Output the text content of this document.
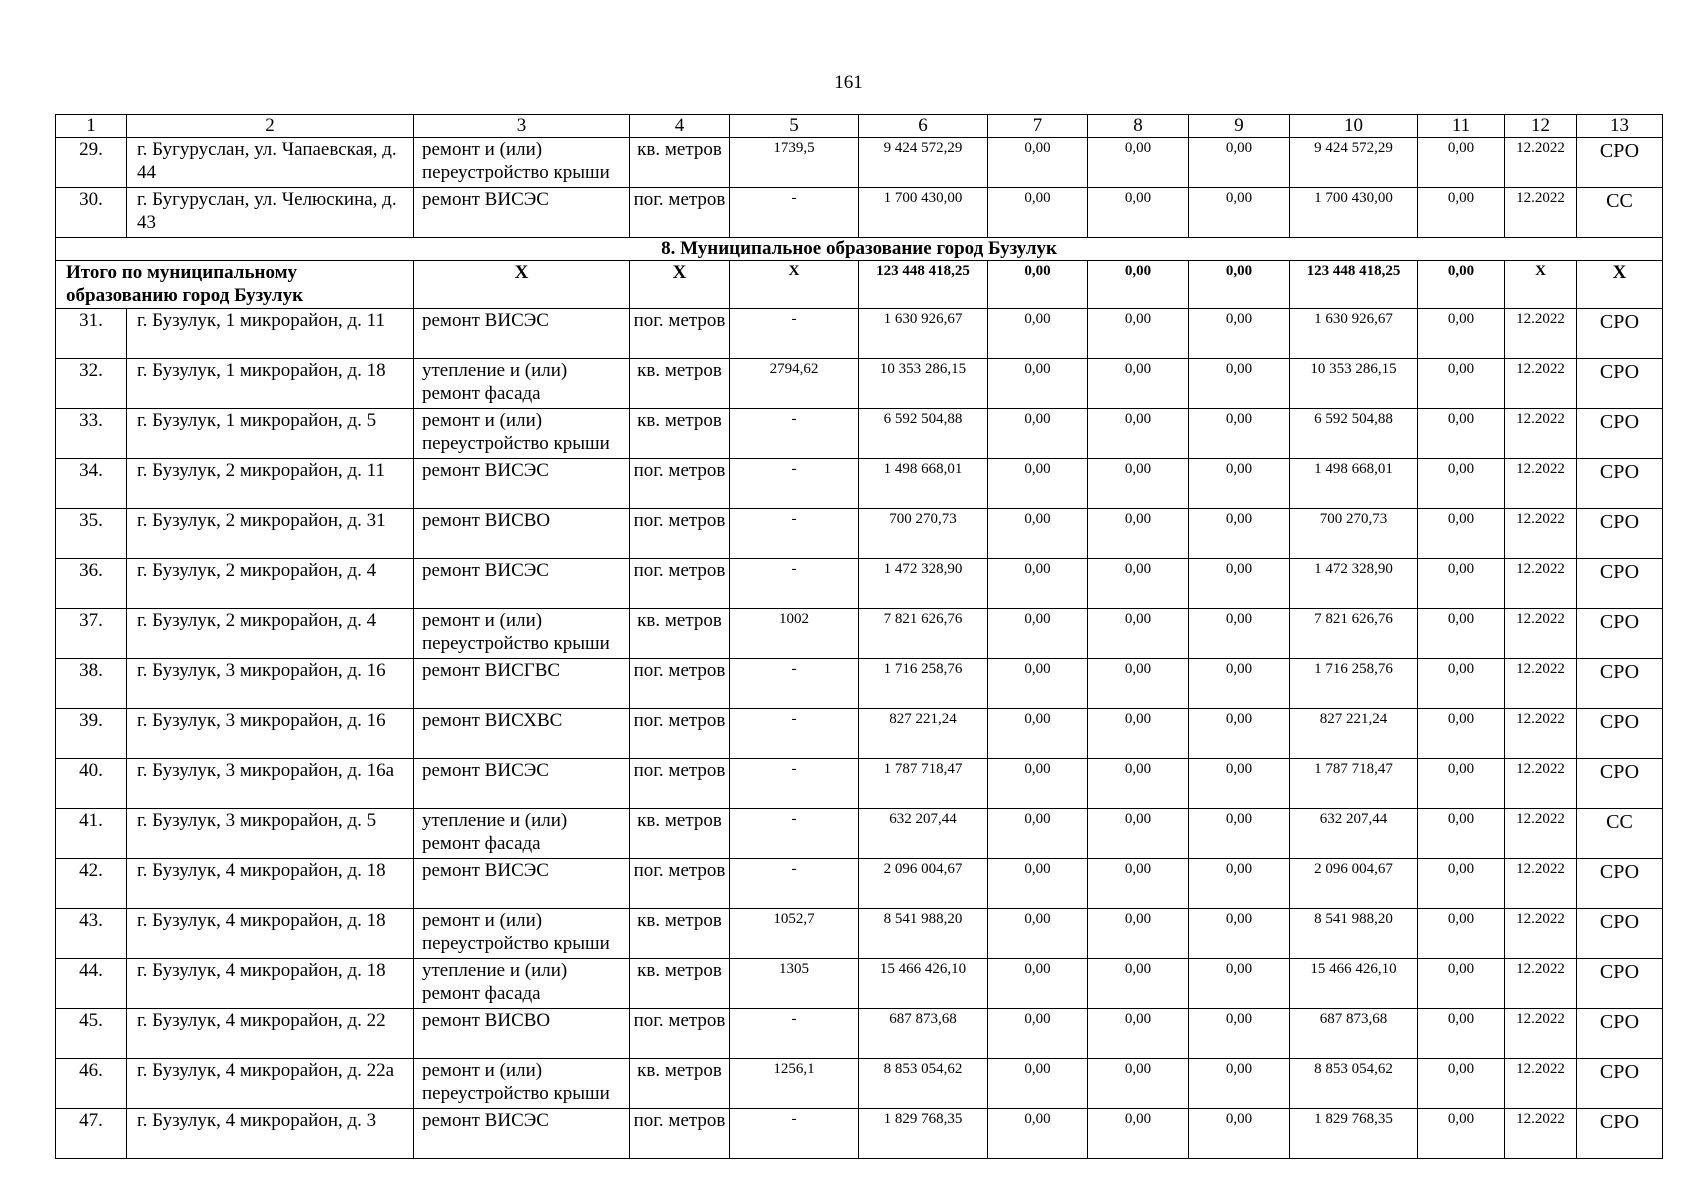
161
1	2	3	4	5	6	7	8	9	10	11	12	13
29.	г. Бугуруслан, ул. Чапаевская, д. 44	ремонт и (или) переустройство крыши	кв. метров	1739,5	9 424 572,29	0,00	0,00	0,00	9 424 572,29	0,00	12.2022	СРО
30.	г. Бугуруслан, ул. Челюскина, д. 43	ремонт ВИСЭС	пог. метров	-	1 700 430,00	0,00	0,00	0,00	1 700 430,00	0,00	12.2022	СС
8. Муниципальное образование город Бузулук												
Итого по муниципальному образованию город Бузулук		Х	Х	Х	123 448 418,25	0,00	0,00	0,00	123 448 418,25	0,00	Х	Х
31.	г. Бузулук, 1 микрорайон, д. 11	ремонт ВИСЭС	пог. метров	-	1 630 926,67	0,00	0,00	0,00	1 630 926,67	0,00	12.2022	СРО
32.	г. Бузулук, 1 микрорайон, д. 18	утепление и (или) ремонт фасада	кв. метров	2794,62	10 353 286,15	0,00	0,00	0,00	10 353 286,15	0,00	12.2022	СРО
33.	г. Бузулук, 1 микрорайон, д. 5	ремонт и (или) переустройство крыши	кв. метров	-	6 592 504,88	0,00	0,00	0,00	6 592 504,88	0,00	12.2022	СРО
34.	г. Бузулук, 2 микрорайон, д. 11	ремонт ВИСЭС	пог. метров	-	1 498 668,01	0,00	0,00	0,00	1 498 668,01	0,00	12.2022	СРО
35.	г. Бузулук, 2 микрорайон, д. 31	ремонт ВИСВО	пог. метров	-	700 270,73	0,00	0,00	0,00	700 270,73	0,00	12.2022	СРО
36.	г. Бузулук, 2 микрорайон, д. 4	ремонт ВИСЭС	пог. метров	-	1 472 328,90	0,00	0,00	0,00	1 472 328,90	0,00	12.2022	СРО
37.	г. Бузулук, 2 микрорайон, д. 4	ремонт и (или) переустройство крыши	кв. метров	1002	7 821 626,76	0,00	0,00	0,00	7 821 626,76	0,00	12.2022	СРО
38.	г. Бузулук, 3 микрорайон, д. 16	ремонт ВИСГВС	пог. метров	-	1 716 258,76	0,00	0,00	0,00	1 716 258,76	0,00	12.2022	СРО
39.	г. Бузулук, 3 микрорайон, д. 16	ремонт ВИСХВС	пог. метров	-	827 221,24	0,00	0,00	0,00	827 221,24	0,00	12.2022	СРО
40.	г. Бузулук, 3 микрорайон, д. 16а	ремонт ВИСЭС	пог. метров	-	1 787 718,47	0,00	0,00	0,00	1 787 718,47	0,00	12.2022	СРО
41.	г. Бузулук, 3 микрорайон, д. 5	утепление и (или) ремонт фасада	кв. метров	-	632 207,44	0,00	0,00	0,00	632 207,44	0,00	12.2022	СС
42.	г. Бузулук, 4 микрорайон, д. 18	ремонт ВИСЭС	пог. метров	-	2 096 004,67	0,00	0,00	0,00	2 096 004,67	0,00	12.2022	СРО
43.	г. Бузулук, 4 микрорайон, д. 18	ремонт и (или) переустройство крыши	кв. метров	1052,7	8 541 988,20	0,00	0,00	0,00	8 541 988,20	0,00	12.2022	СРО
44.	г. Бузулук, 4 микрорайон, д. 18	утепление и (или) ремонт фасада	кв. метров	1305	15 466 426,10	0,00	0,00	0,00	15 466 426,10	0,00	12.2022	СРО
45.	г. Бузулук, 4 микрорайон, д. 22	ремонт ВИСВО	пог. метров	-	687 873,68	0,00	0,00	0,00	687 873,68	0,00	12.2022	СРО
46.	г. Бузулук, 4 микрорайон, д. 22а	ремонт и (или) переустройство крыши	кв. метров	1256,1	8 853 054,62	0,00	0,00	0,00	8 853 054,62	0,00	12.2022	СРО
47.	г. Бузулук, 4 микрорайон, д. 3	ремонт ВИСЭС	пог. метров	-	1 829 768,35	0,00	0,00	0,00	1 829 768,35	0,00	12.2022	СРО
